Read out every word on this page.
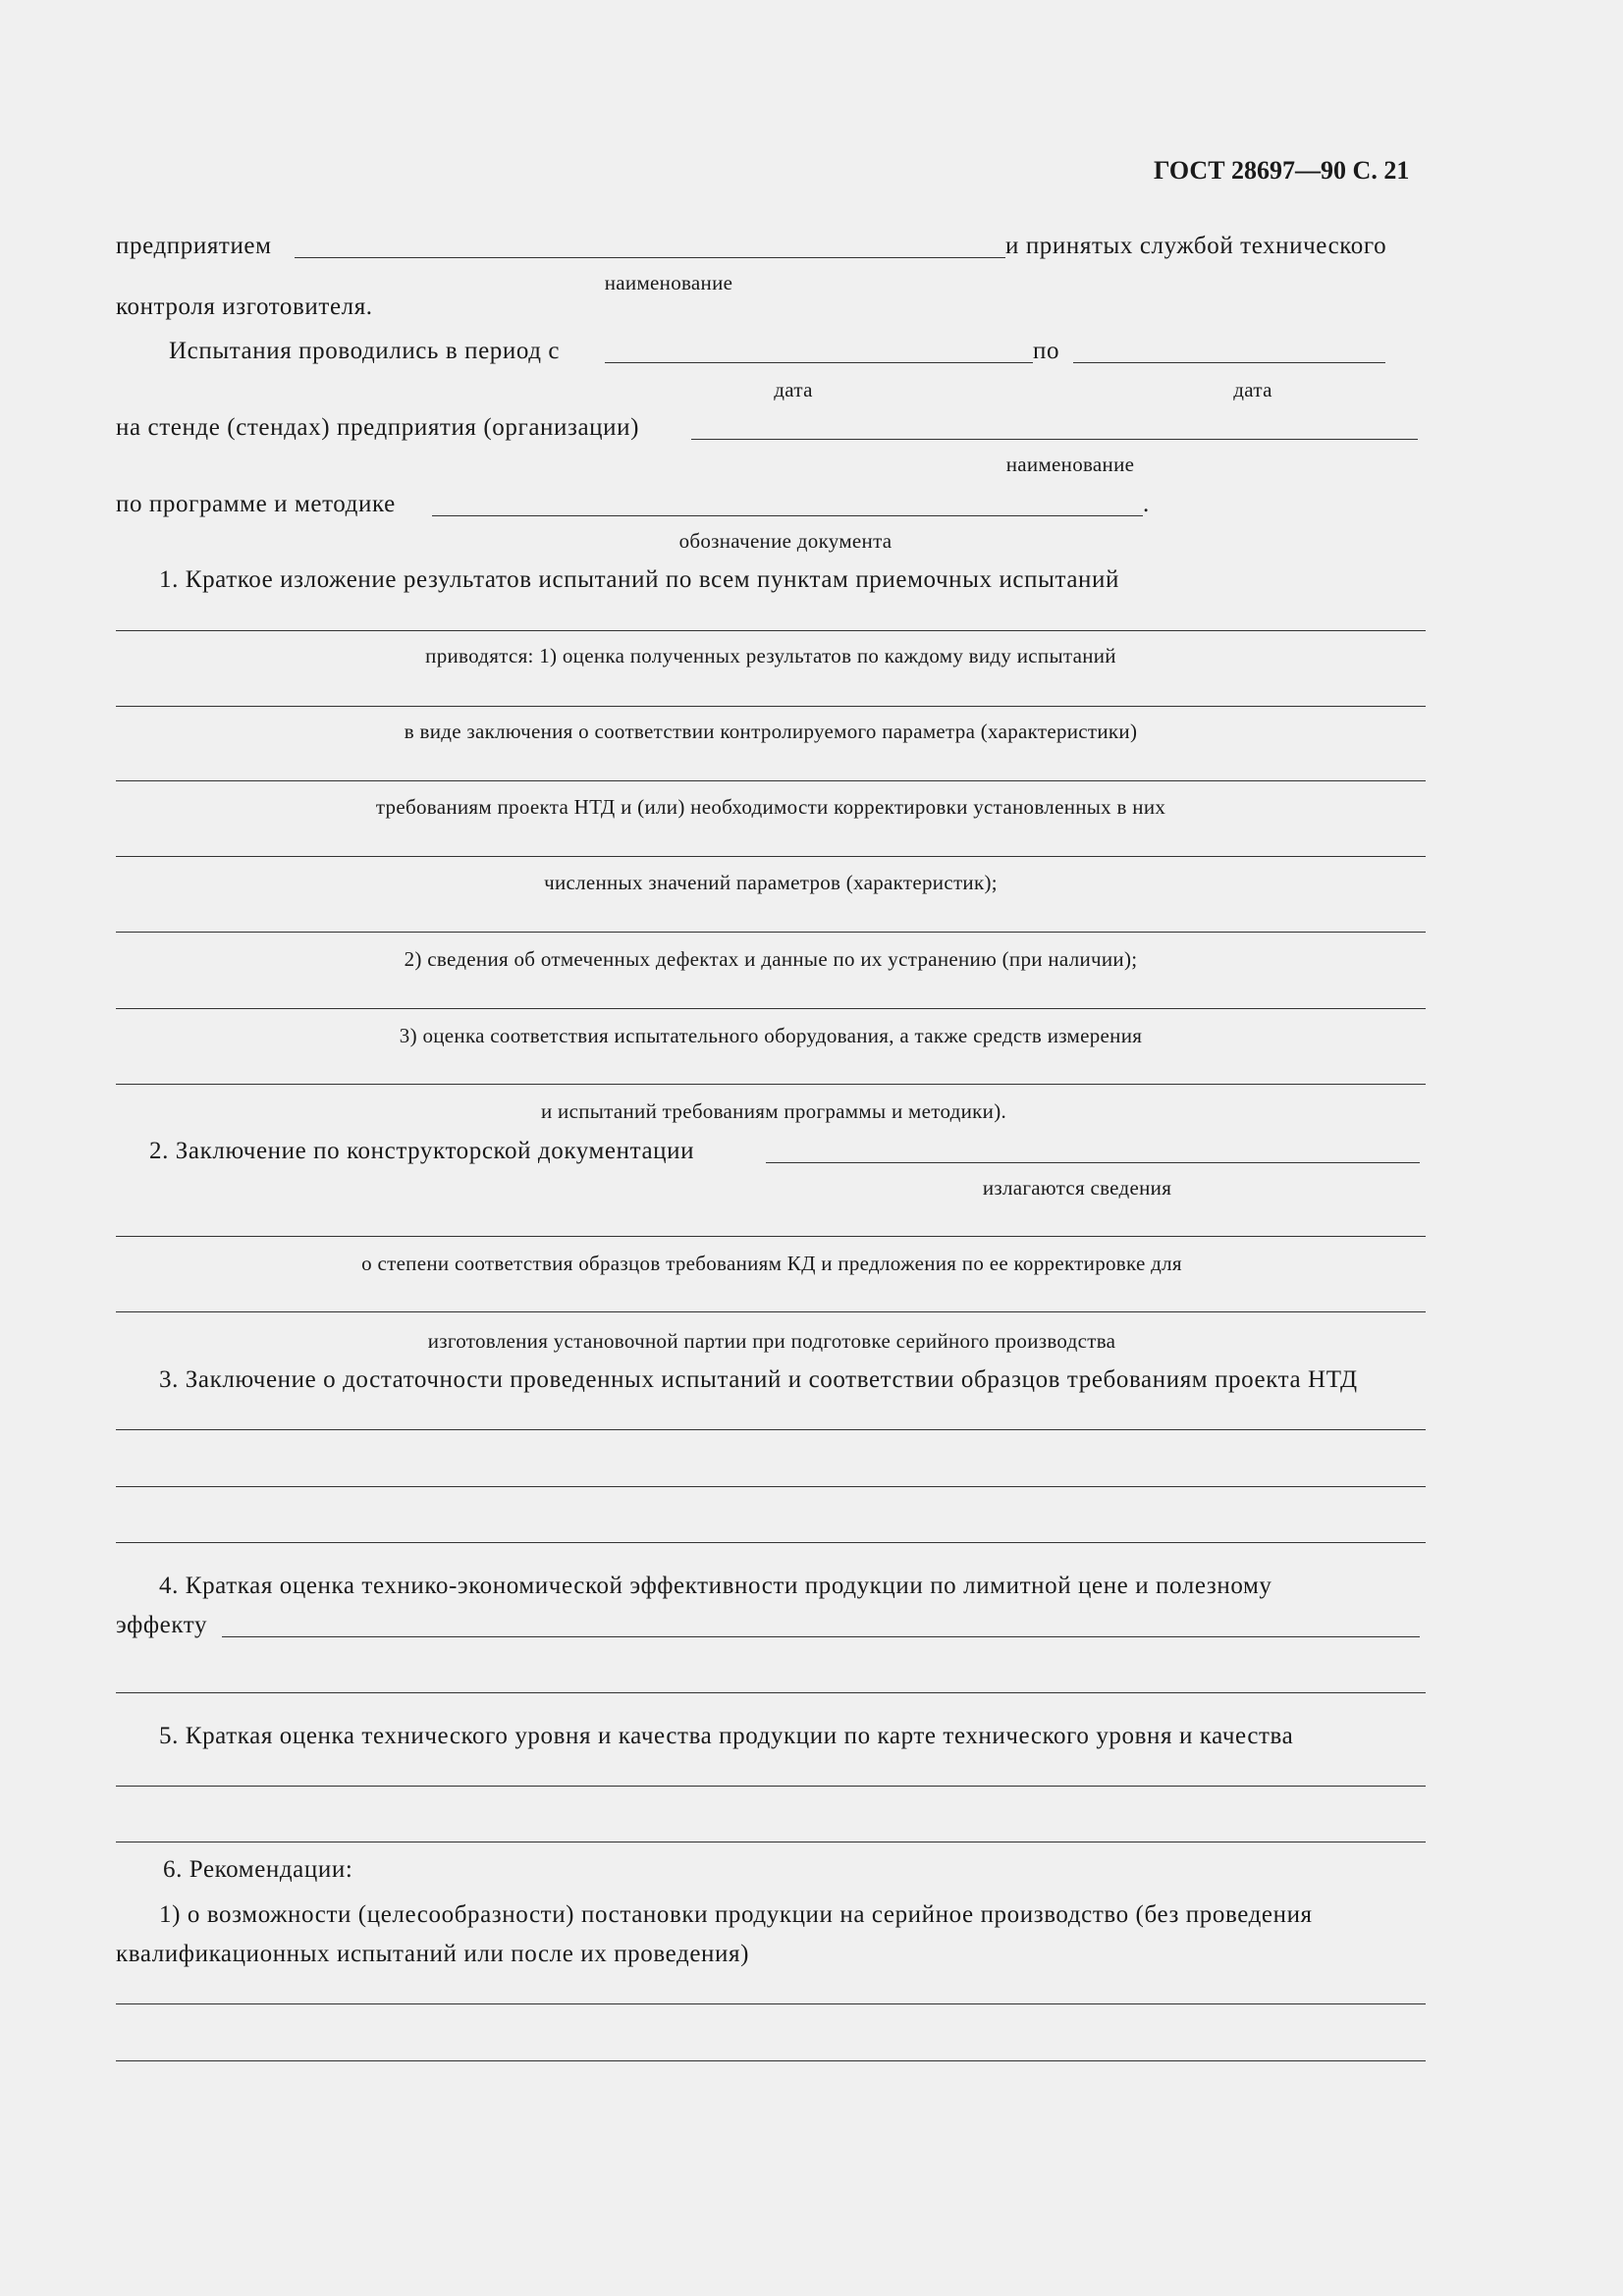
ГОСТ 28697—90 С. 21
предприятием	и принятых службой технического
наименование
контроля изготовителя.
Испытания проводились в период с	по
дата	дата
на стенде (стендах) предприятия (организации)
наименование
по программе и методике	.
обозначение документа
1. Краткое изложение результатов испытаний по всем пунктам приемочных испытаний
приводятся: 1) оценка полученных результатов по каждому виду испытаний
в виде заключения о соответствии контролируемого параметра (характеристики)
требованиям проекта НТД и (или) необходимости корректировки установленных в них
численных значений параметров (характеристик);
2) сведения об отмеченных дефектах и данные по их устранению (при наличии);
3) оценка соответствия испытательного оборудования, а также средств измерения
и испытаний требованиям программы и методики).
2. Заключение по конструкторской документации
излагаются сведения
о степени соответствия образцов требованиям КД и предложения по ее корректировке для
изготовления установочной партии при подготовке серийного производства
3. Заключение о достаточности проведенных испытаний и соответствии образцов требованиям проекта НТД
4. Краткая оценка технико-экономической эффективности продукции по лимитной цене и полезному
эффекту
5. Краткая оценка технического уровня и качества продукции по карте технического уровня и качества
6. Рекомендации:
1) о возможности (целесообразности) постановки продукции на серийное производство (без проведения
квалификационных испытаний или после их проведения)
